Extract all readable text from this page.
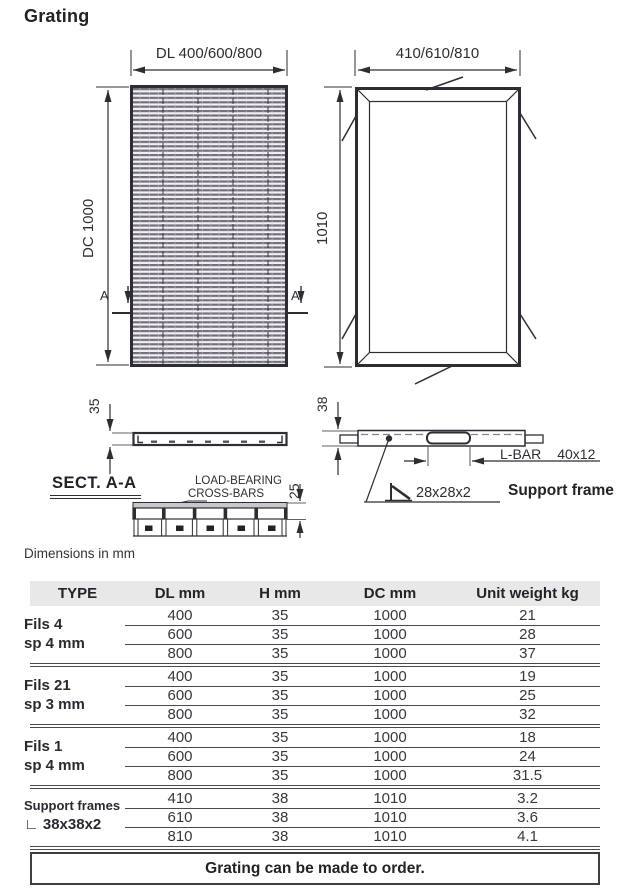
Grating
DL 400/600/800	410/610/810
DC 1000	1010
A	A
35	38
SECT. A-A	LOAD-BEARING
CROSS-BARS	25
L-BAR 40x12
28x28x2 Support frame
Dimensions in mm
TYPE	DL mm	H mm	DC mm	Unit weight kg
Fils 4
sp 4 mm
400	35	1000	21
600	35	1000	28
800	35	1000	37
Fils 21
sp 3 mm
400	35	1000	19
600	35	1000	25
800	35	1000	32
Fils 1
sp 4 mm
400	35	1000	18
600	35	1000	24
800	35	1000	31.5
Support frames
∟ 38x38x2
410	38	1010	3.2
610	38	1010	3.6
810	38	1010	4.1
Grating can be made to order.
